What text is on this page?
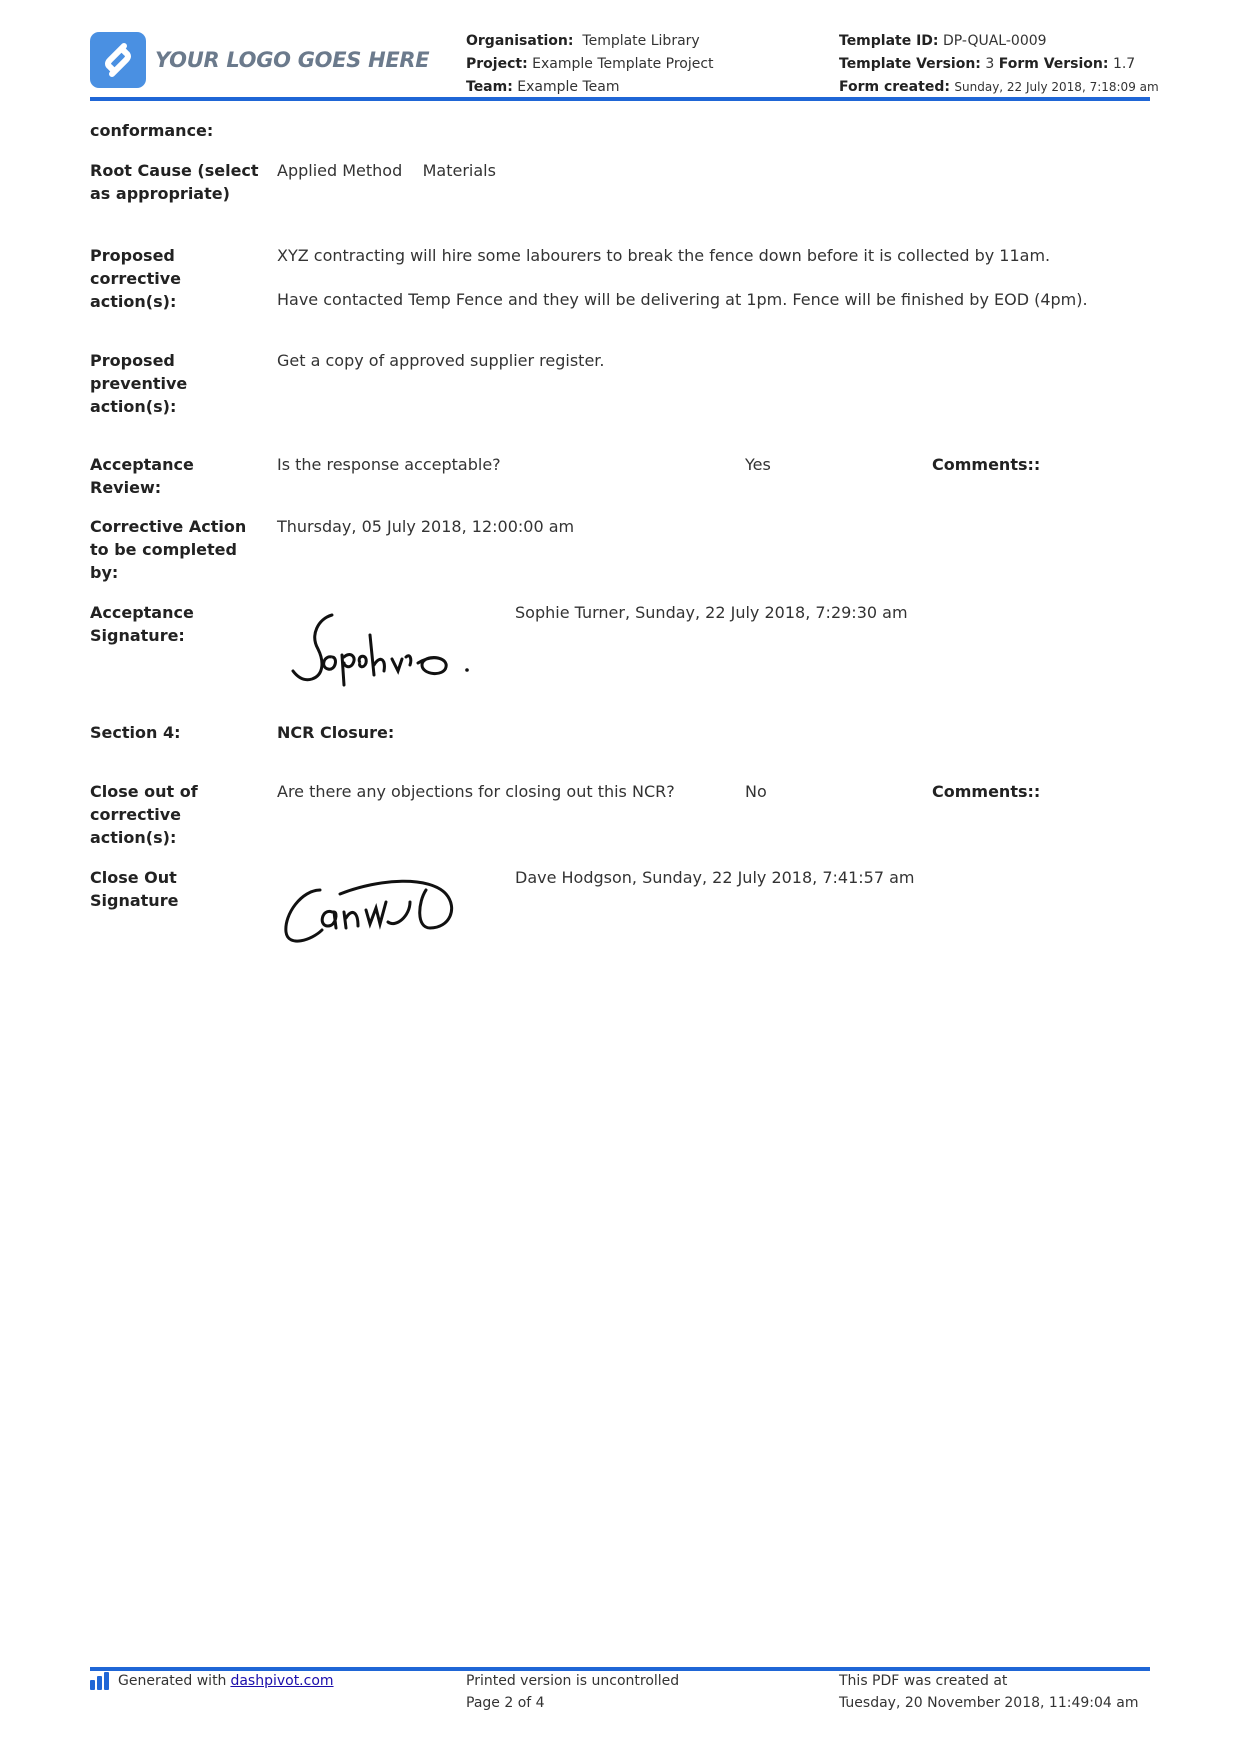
YOUR LOGO GOES HERE
Organisation: Template Library
Project: Example Template Project
Team: Example Team
Template ID: DP-QUAL-0009
Template Version: 3 Form Version: 1.7
Form created: Sunday, 22 July 2018, 7:18:09 am
conformance:
Root Cause (select as appropriate)
Applied Method Materials
Proposed corrective action(s):
XYZ contracting will hire some labourers to break the fence down before it is collected by 11am.
Have contacted Temp Fence and they will be delivering at 1pm. Fence will be finished by EOD (4pm).
Proposed preventive action(s):
Get a copy of approved supplier register.
Acceptance Review:
Is the response acceptable?	Yes	Comments::
Corrective Action to be completed by:
Thursday, 05 July 2018, 12:00:00 am
Acceptance Signature:
Sophie Turner, Sunday, 22 July 2018, 7:29:30 am
Section 4:	NCR Closure:
Close out of corrective action(s):
Are there any objections for closing out this NCR?	No	Comments::
Close Out Signature
Dave Hodgson, Sunday, 22 July 2018, 7:41:57 am
Generated with dashpivot.com	Printed version is uncontrolled
Page 2 of 4
This PDF was created at
Tuesday, 20 November 2018, 11:49:04 am
